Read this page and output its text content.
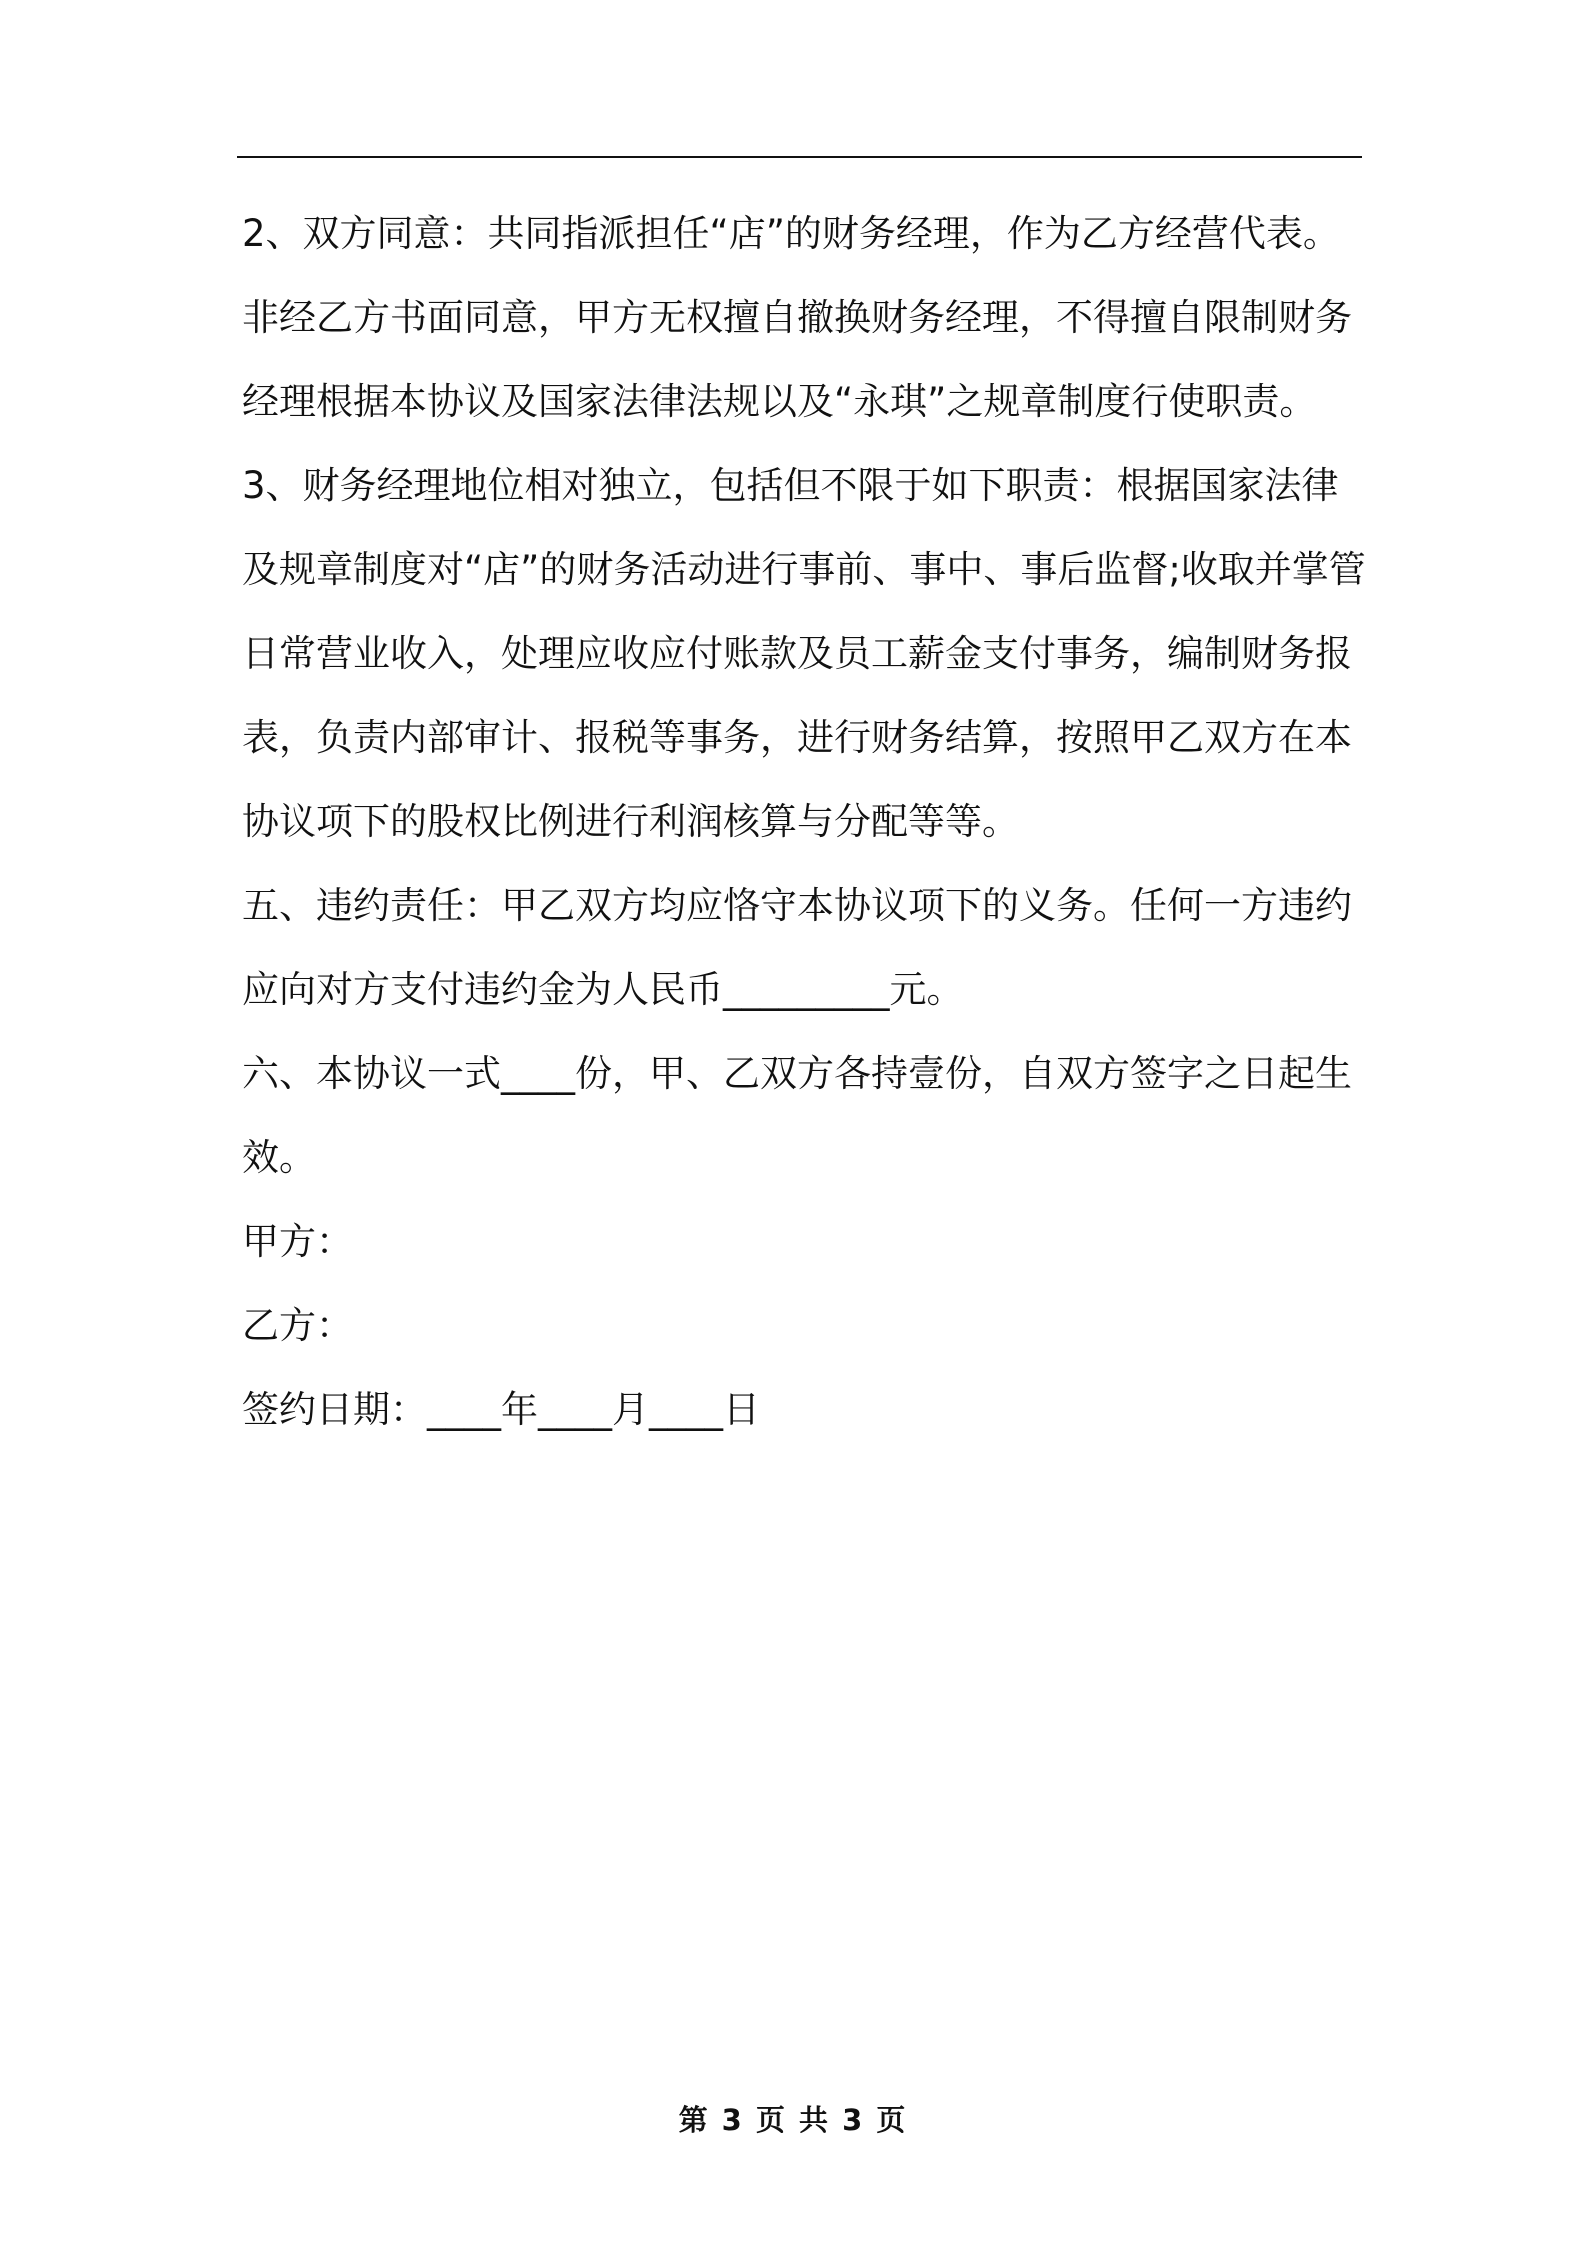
2、双方同意：共同指派担任“店”的财务经理，作为乙方经营代表。非经乙方书面同意，甲方无权擅自撤换财务经理，不得擅自限制财务经理根据本协议及国家法律法规以及“永琪”之规章制度行使职责。

3、财务经理地位相对独立，包括但不限于如下职责：根据国家法律及规章制度对“店”的财务活动进行事前、事中、事后监督;收取并掌管日常营业收入，处理应收应付账款及员工薪金支付事务，编制财务报表，负责内部审计、报税等事务，进行财务结算，按照甲乙双方在本协议项下的股权比例进行利润核算与分配等等。

五、违约责任：甲乙双方均应恪守本协议项下的义务。任何一方违约应向对方支付违约金为人民币_________元。

六、本协议一式____份，甲、乙双方各持壹份，自双方签字之日起生效。

甲方：

乙方：

签约日期：____年____月____日

第 3 页 共 3 页
